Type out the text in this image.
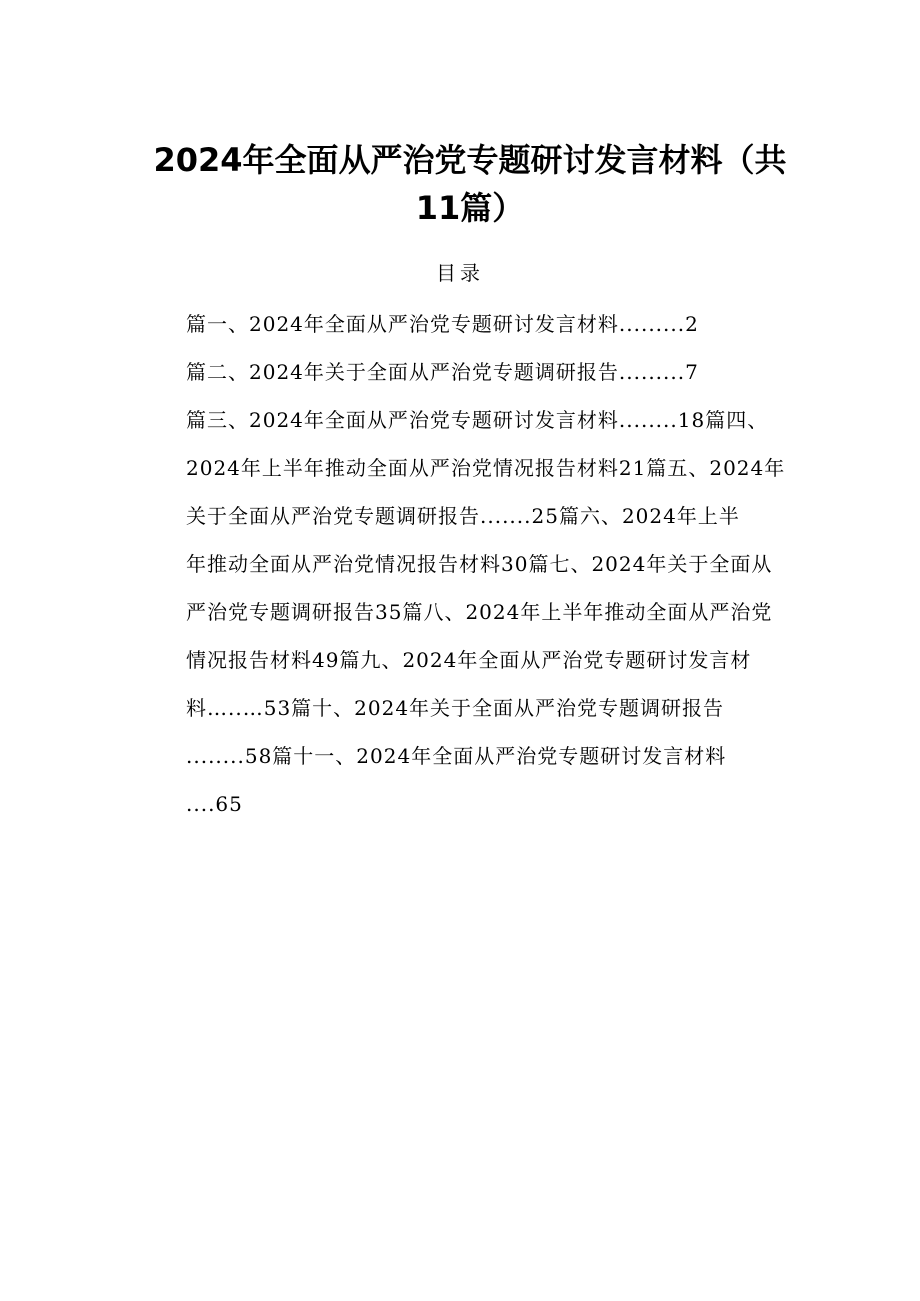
2024年全面从严治党专题研讨发言材料（共
11篇）
目录
篇一、2024年全面从严治党专题研讨发言材料.........2
篇二、2024年关于全面从严治党专题调研报告.........7
篇三、2024年全面从严治党专题研讨发言材料........18篇四、
2024年上半年推动全面从严治党情况报告材料21篇五、2024年
关于全面从严治党专题调研报告.......25篇六、2024年上半
年推动全面从严治党情况报告材料30篇七、2024年关于全面从
严治党专题调研报告35篇八、2024年上半年推动全面从严治党
情况报告材料49篇九、2024年全面从严治党专题研讨发言材
料…..…53篇十、2024年关于全面从严治党专题调研报告
........58篇十一、2024年全面从严治党专题研讨发言材料
....65
